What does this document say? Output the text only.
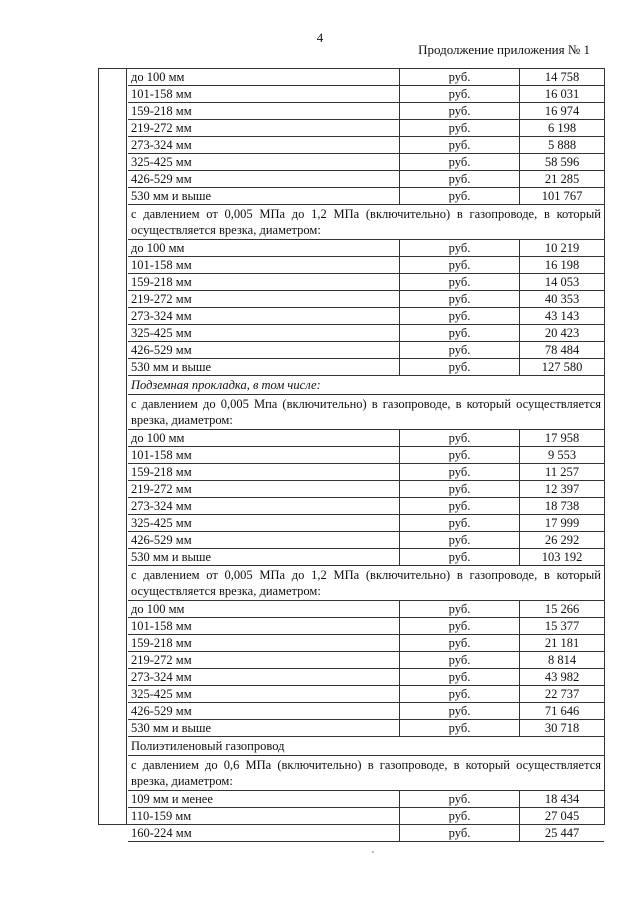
4
Продолжение приложения № 1
до 100 мм	руб.	14 758
101-158 мм	руб.	16 031
159-218 мм	руб.	16 974
219-272 мм	руб.	6 198
273-324 мм	руб.	5 888
325-425 мм	руб.	58 596
426-529 мм	руб.	21 285
530 мм и выше	руб.	101 767
с давлением от 0,005 МПа до 1,2 МПа (включительно) в газопроводе, в который осуществляется врезка, диаметром:
до 100 мм	руб.	10 219
101-158 мм	руб.	16 198
159-218 мм	руб.	14 053
219-272 мм	руб.	40 353
273-324 мм	руб.	43 143
325-425 мм	руб.	20 423
426-529 мм	руб.	78 484
530 мм и выше	руб.	127 580
Подземная прокладка, в том числе:
с давлением до 0,005 Мпа (включительно) в газопроводе, в который осуществляется врезка, диаметром:
до 100 мм	руб.	17 958
101-158 мм	руб.	9 553
159-218 мм	руб.	11 257
219-272 мм	руб.	12 397
273-324 мм	руб.	18 738
325-425 мм	руб.	17 999
426-529 мм	руб.	26 292
530 мм и выше	руб.	103 192
с давлением от 0,005 МПа до 1,2 МПа (включительно) в газопроводе, в который осуществляется врезка, диаметром:
до 100 мм	руб.	15 266
101-158 мм	руб.	15 377
159-218 мм	руб.	21 181
219-272 мм	руб.	8 814
273-324 мм	руб.	43 982
325-425 мм	руб.	22 737
426-529 мм	руб.	71 646
530 мм и выше	руб.	30 718
Полиэтиленовый газопровод
с давлением до 0,6 МПа (включительно) в газопроводе, в который осуществляется врезка, диаметром:
109 мм и менее	руб.	18 434
110-159 мм	руб.	27 045
160-224 мм	руб.	25 447
